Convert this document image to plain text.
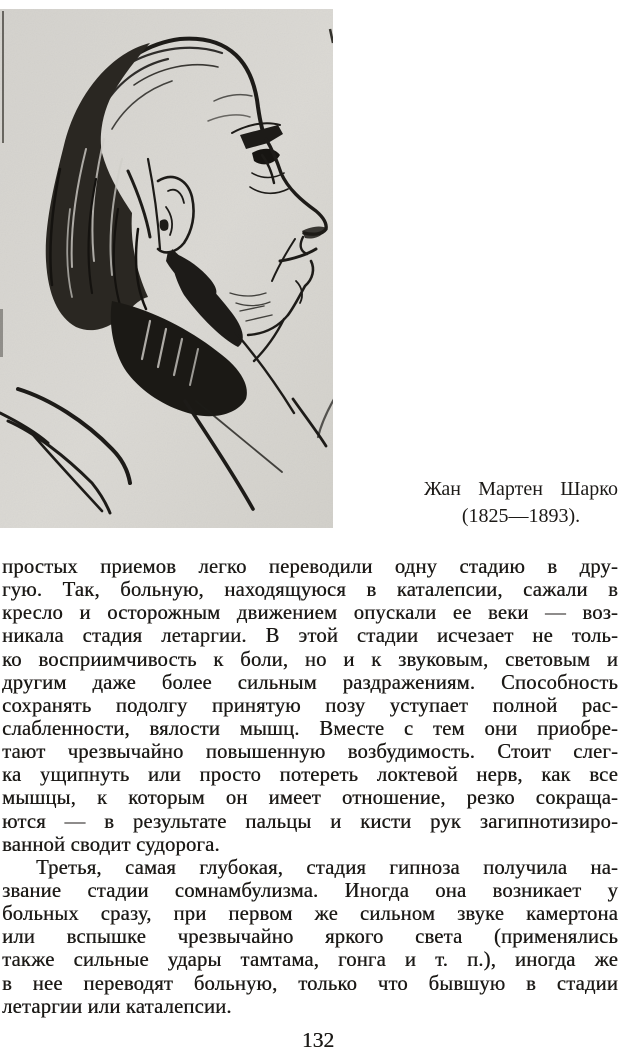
Жан Мартен Шарко
(1825—1893).
простых приемов легко переводили одну стадию в дру-
гую. Так, больную, находящуюся в каталепсии, сажали в
кресло и осторожным движением опускали ее веки — воз-
никала стадия летаргии. В этой стадии исчезает не толь-
ко восприимчивость к боли, но и к звуковым, световым и
другим даже более сильным раздражениям. Способность
сохранять подолгу принятую позу уступает полной рас-
слабленности, вялости мышц. Вместе с тем они приобре-
тают чрезвычайно повышенную возбудимость. Стоит слег-
ка ущипнуть или просто потереть локтевой нерв, как все
мышцы, к которым он имеет отношение, резко сокраща-
ются — в результате пальцы и кисти рук загипнотизиро-
ванной сводит судорога.
Третья, самая глубокая, стадия гипноза получила на-
звание стадии сомнамбулизма. Иногда она возникает у
больных сразу, при первом же сильном звуке камертона
или вспышке чрезвычайно яркого света (применялись
также сильные удары тамтама, гонга и т. п.), иногда же
в нее переводят больную, только что бывшую в стадии
летаргии или каталепсии.
132
